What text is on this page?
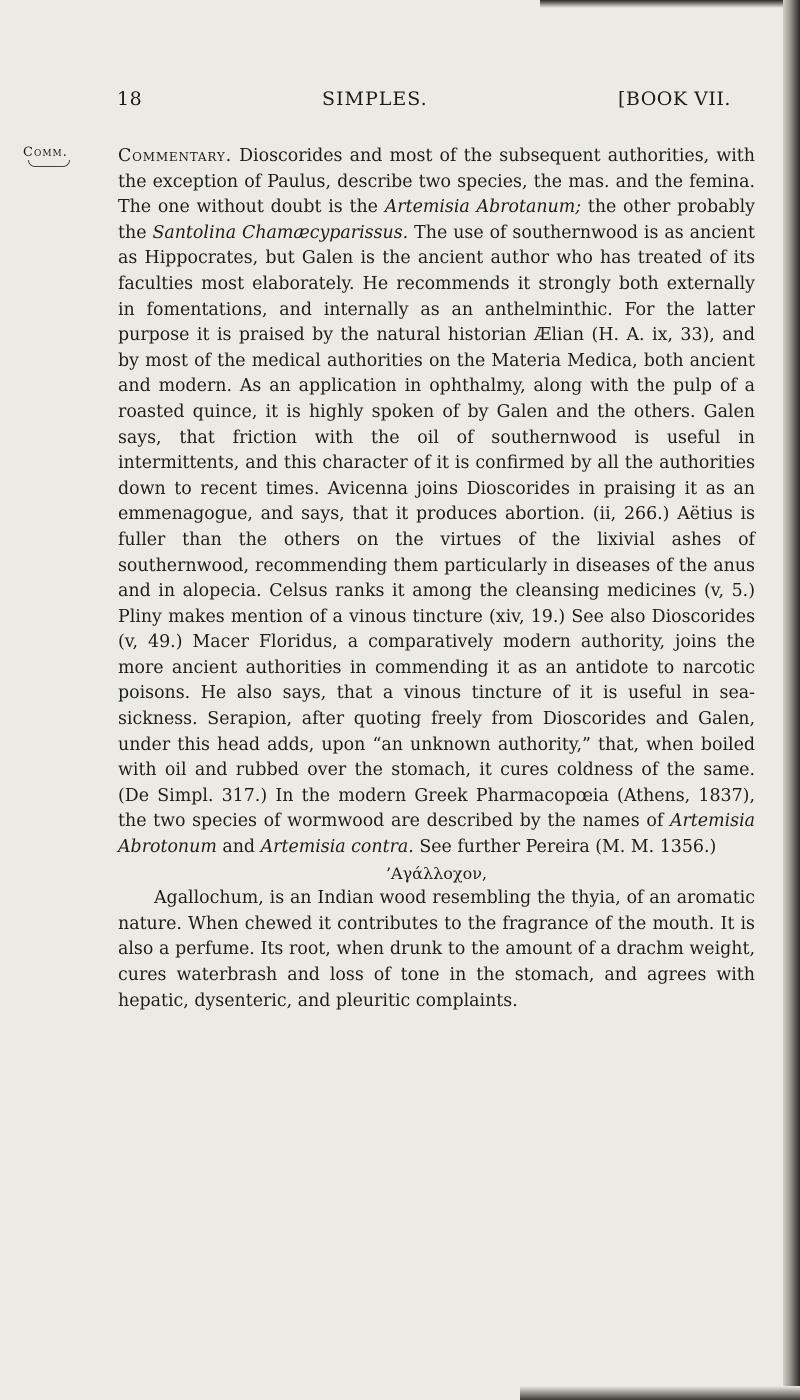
18	SIMPLES.	[BOOK VII.
Comm.	Commentary. Dioscorides and most of the subsequent authorities, with the exception of Paulus, describe two species, the mas. and the femina. The one without doubt is the Artemisia Abrotanum; the other probably the Santolina Chamæcyparissus. The use of southernwood is as ancient as Hippocrates, but Galen is the ancient author who has treated of its faculties most elaborately. He recommends it strongly both externally in fomentations, and internally as an anthelminthic. For the latter purpose it is praised by the natural historian Ælian (H. A. ix, 33), and by most of the medical authorities on the Materia Medica, both ancient and modern. As an application in ophthalmy, along with the pulp of a roasted quince, it is highly spoken of by Galen and the others. Galen says, that friction with the oil of southernwood is useful in intermittents, and this character of it is confirmed by all the authorities down to recent times. Avicenna joins Dioscorides in praising it as an emmenagogue, and says, that it produces abortion. (ii, 266.) Aëtius is fuller than the others on the virtues of the lixivial ashes of southernwood, recommending them particularly in diseases of the anus and in alopecia. Celsus ranks it among the cleansing medicines (v, 5.) Pliny makes mention of a vinous tincture (xiv, 19.) See also Dioscorides (v, 49.) Macer Floridus, a comparatively modern authority, joins the more ancient authorities in commending it as an antidote to narcotic poisons. He also says, that a vinous tincture of it is useful in sea-sickness. Serapion, after quoting freely from Dioscorides and Galen, under this head adds, upon “an unknown authority,” that, when boiled with oil and rubbed over the stomach, it cures coldness of the same. (De Simpl. 317.) In the modern Greek Pharmacopœia (Athens, 1837), the two species of wormwood are described by the names of Artemisia Abrotonum and Artemisia contra. See further Pereira (M. M. 1356.)

’Αγάλλοχον,

Agallochum, is an Indian wood resembling the thyia, of an aromatic nature. When chewed it contributes to the fragrance of the mouth. It is also a perfume. Its root, when drunk to the amount of a drachm weight, cures waterbrash and loss of tone in the stomach, and agrees with hepatic, dysenteric, and pleuritic complaints.
